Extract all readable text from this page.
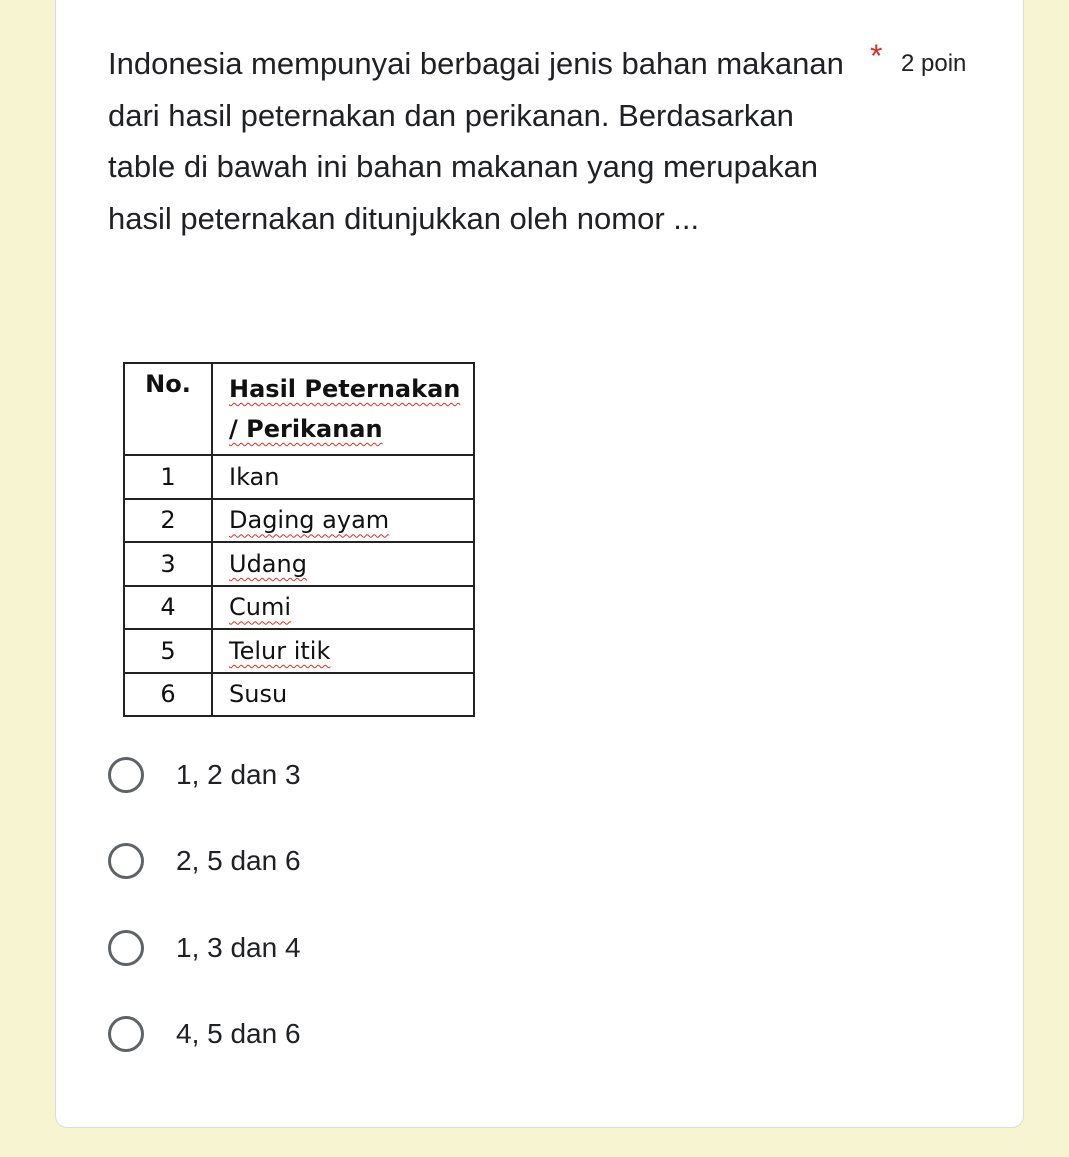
Indonesia mempunyai berbagai jenis bahan makanan dari hasil peternakan dan perikanan. Berdasarkan table di bawah ini bahan makanan yang merupakan hasil peternakan ditunjukkan oleh nomor ...

* 2 poin
No.	Hasil Peternakan / Perikanan
1	Ikan
2	Daging ayam
3	Udang
4	Cumi
5	Telur itik
6	Susu
1, 2 dan 3
2, 5 dan 6
1, 3 dan 4
4, 5 dan 6
